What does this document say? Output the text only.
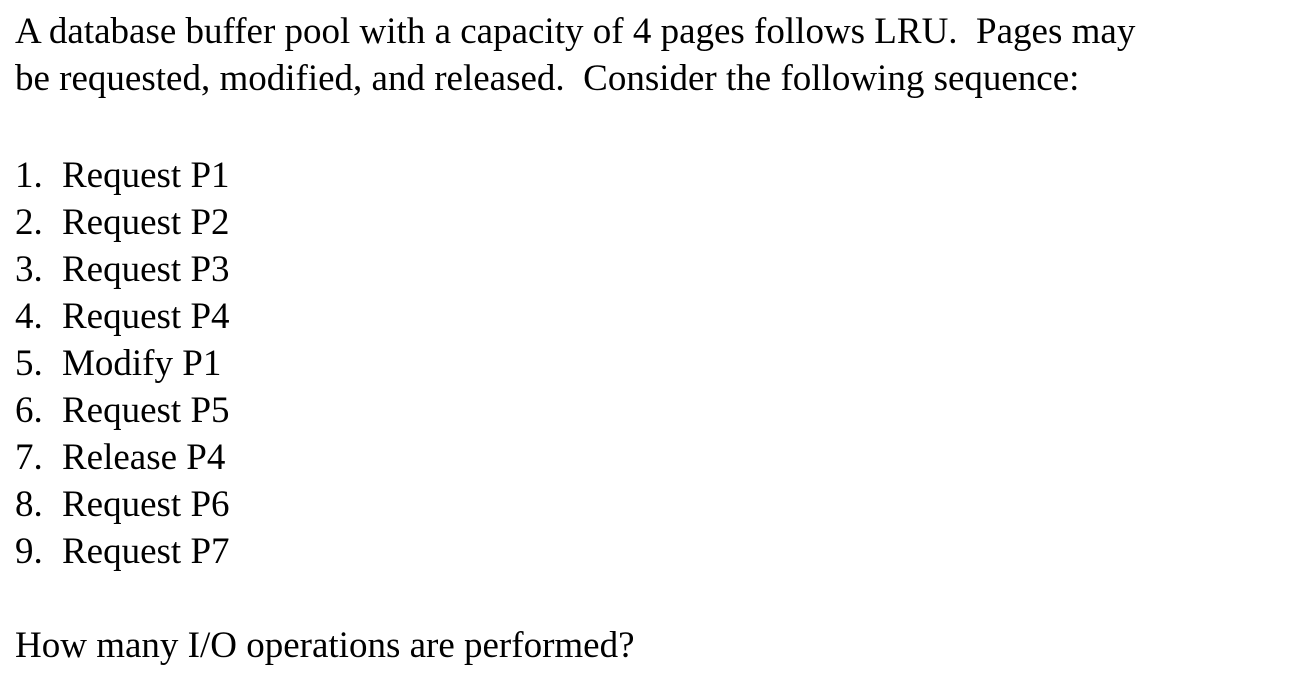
A database buffer pool with a capacity of 4 pages follows LRU.  Pages may
be requested, modified, and released.  Consider the following sequence:
1. Request P1
2. Request P2
3. Request P3
4. Request P4
5. Modify P1
6. Request P5
7. Release P4
8. Request P6
9. Request P7

How many I/O operations are performed?
